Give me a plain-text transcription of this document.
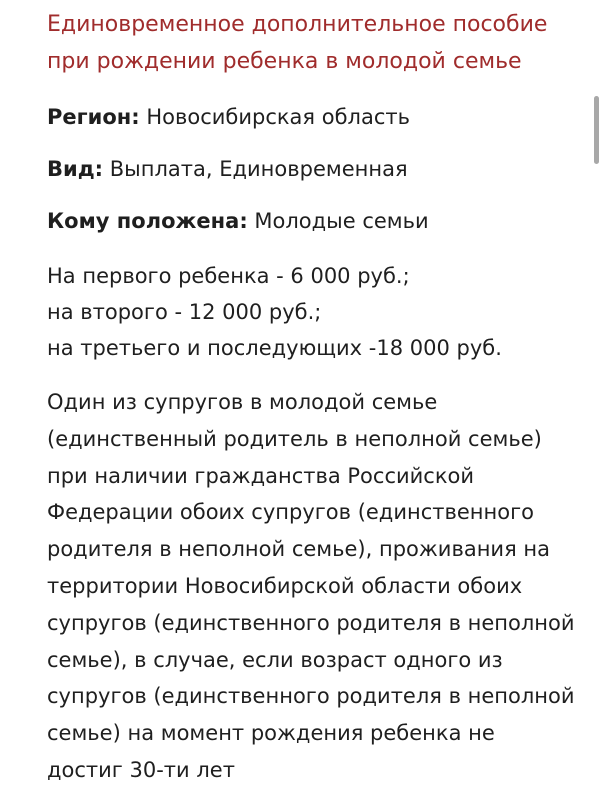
Единовременное дополнительное пособие при рождении ребенка в молодой семье

Регион: Новосибирская область

Вид: Выплата, Единовременная

Кому положена: Молодые семьи

На первого ребенка - 6 000 руб.;
на второго - 12 000 руб.;
на третьего и последующих -18 000 руб.

Один из супругов в молодой семье (единственный родитель в неполной семье) при наличии гражданства Российской Федерации обоих супругов (единственного родителя в неполной семье), проживания на территории Новосибирской области обоих супругов (единственного родителя в неполной семье), в случае, если возраст одного из супругов (единственного родителя в неполной семье) на момент рождения ребенка не достиг 30-ти лет
